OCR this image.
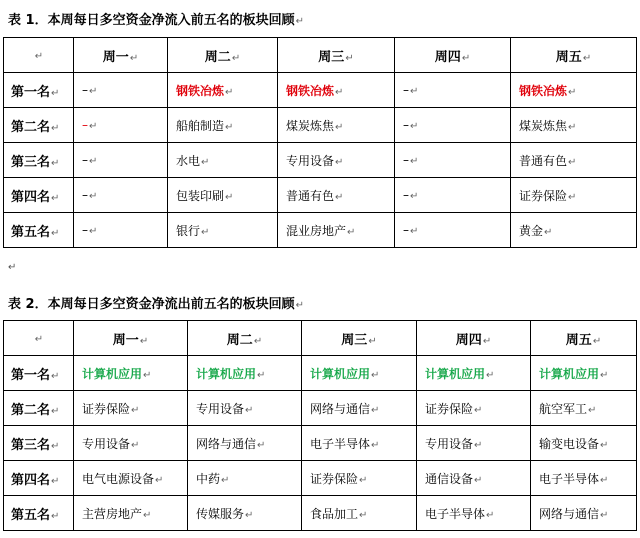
表 1．本周每日多空资金净流入前五名的板块回顾↵
↵	周一↵	周二↵	周三↵	周四↵	周五↵
第一名↵	–↵	钢铁冶炼↵	钢铁冶炼↵	–↵	钢铁冶炼↵
第二名↵	–↵	船舶制造↵	煤炭炼焦↵	–↵	煤炭炼焦↵
第三名↵	–↵	水电↵	专用设备↵	–↵	普通有色↵
第四名↵	–↵	包装印刷↵	普通有色↵	–↵	证券保险↵
第五名↵	–↵	银行↵	混业房地产↵	–↵	黄金↵
↵
表 2．本周每日多空资金净流出前五名的板块回顾↵
↵	周一↵	周二↵	周三↵	周四↵	周五↵
第一名↵	计算机应用↵	计算机应用↵	计算机应用↵	计算机应用↵	计算机应用↵
第二名↵	证券保险↵	专用设备↵	网络与通信↵	证券保险↵	航空军工↵
第三名↵	专用设备↵	网络与通信↵	电子半导体↵	专用设备↵	输变电设备↵
第四名↵	电气电源设备↵	中药↵	证券保险↵	通信设备↵	电子半导体↵
第五名↵	主营房地产↵	传媒服务↵	食品加工↵	电子半导体↵	网络与通信↵
